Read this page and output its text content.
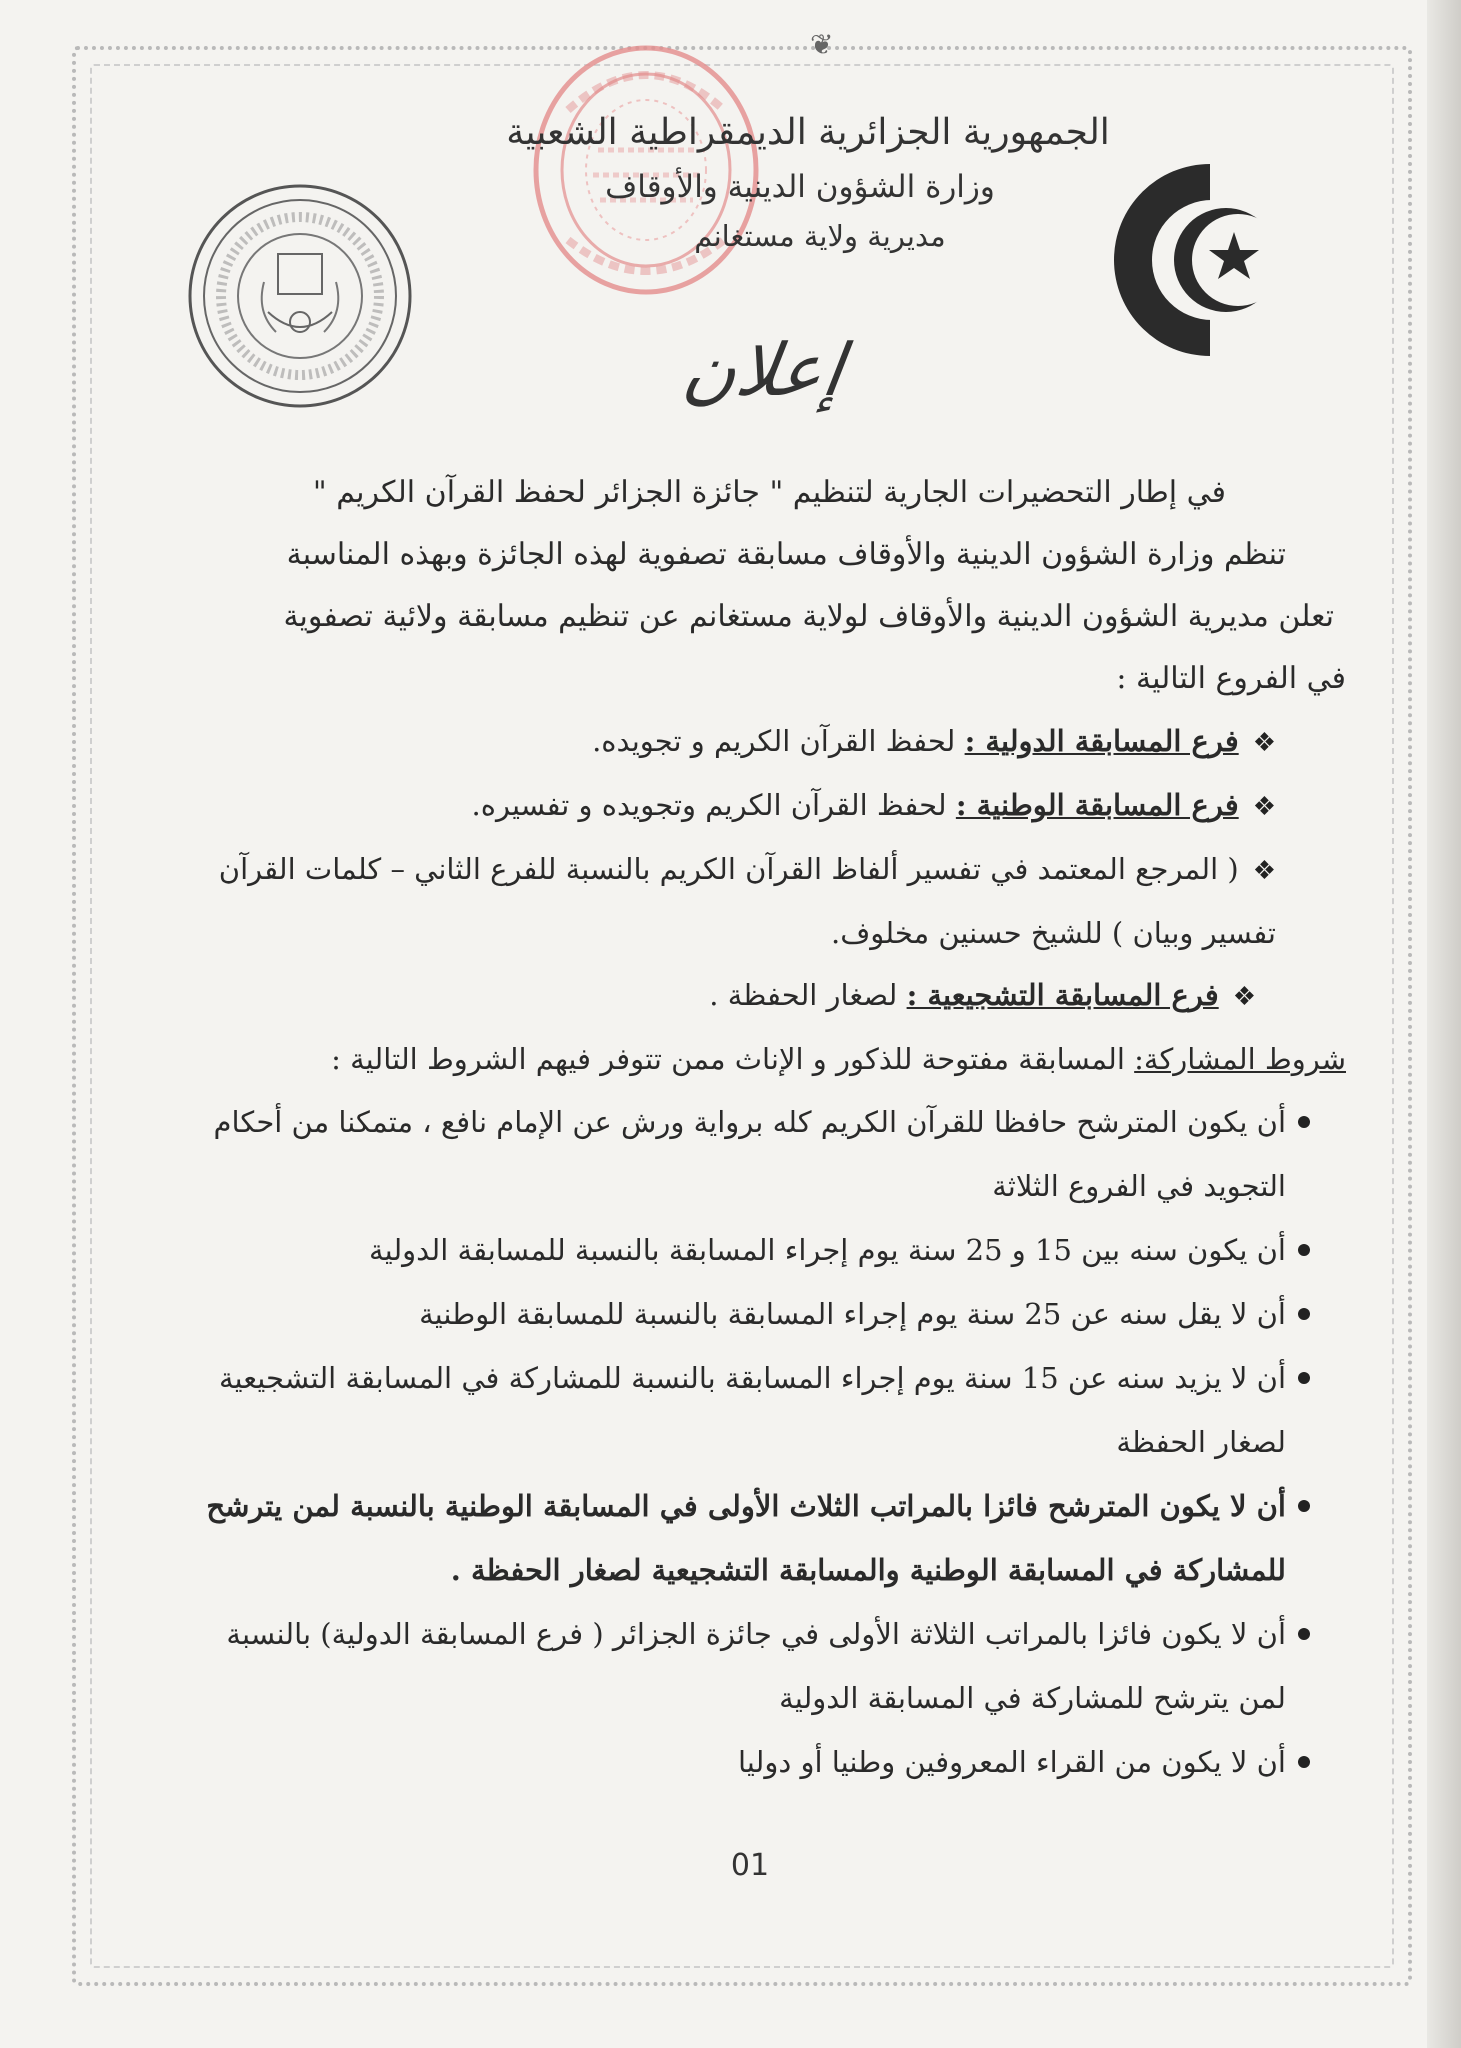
❦

الجمهورية الجزائرية الديمقراطية الشعبية

وزارة الشؤون الدينية والأوقاف

مديرية ولاية مستغانم

إعلان

في إطار التحضيرات الجارية لتنظيم " جائزة الجزائر لحفظ القرآن الكريم "

تنظم وزارة الشؤون الدينية والأوقاف مسابقة تصفوية لهذه الجائزة وبهذه المناسبة

تعلن مديرية الشؤون الدينية والأوقاف لولاية مستغانم عن تنظيم مسابقة ولائية تصفوية

في الفروع التالية :

❖فرع المسابقة الدولية : لحفظ القرآن الكريم و تجويده.
❖فرع المسابقة الوطنية : لحفظ القرآن الكريم وتجويده و تفسيره.
❖( المرجع المعتمد في تفسير ألفاظ القرآن الكريم بالنسبة للفرع الثاني – كلمات القرآن تفسير وبيان ) للشيخ حسنين مخلوف.
❖فرع المسابقة التشجيعية : لصغار الحفظة .

شروط المشاركة: المسابقة مفتوحة للذكور و الإناث ممن تتوفر فيهم الشروط التالية :

أن يكون المترشح حافظا للقرآن الكريم كله برواية ورش عن الإمام نافع ، متمكنا من أحكام التجويد في الفروع الثلاثة
أن يكون سنه بين 15 و 25 سنة يوم إجراء المسابقة بالنسبة للمسابقة الدولية
أن لا يقل سنه عن 25 سنة يوم إجراء المسابقة بالنسبة للمسابقة الوطنية
أن لا يزيد سنه عن 15 سنة يوم إجراء المسابقة بالنسبة للمشاركة في المسابقة التشجيعية لصغار الحفظة
أن لا يكون المترشح فائزا بالمراتب الثلاث الأولى في المسابقة الوطنية بالنسبة لمن يترشح للمشاركة في المسابقة الوطنية والمسابقة التشجيعية لصغار الحفظة .
أن لا يكون فائزا بالمراتب الثلاثة الأولى في جائزة الجزائر ( فرع المسابقة الدولية) بالنسبة لمن يترشح للمشاركة في المسابقة الدولية
أن لا يكون من القراء المعروفين وطنيا أو دوليا
01
